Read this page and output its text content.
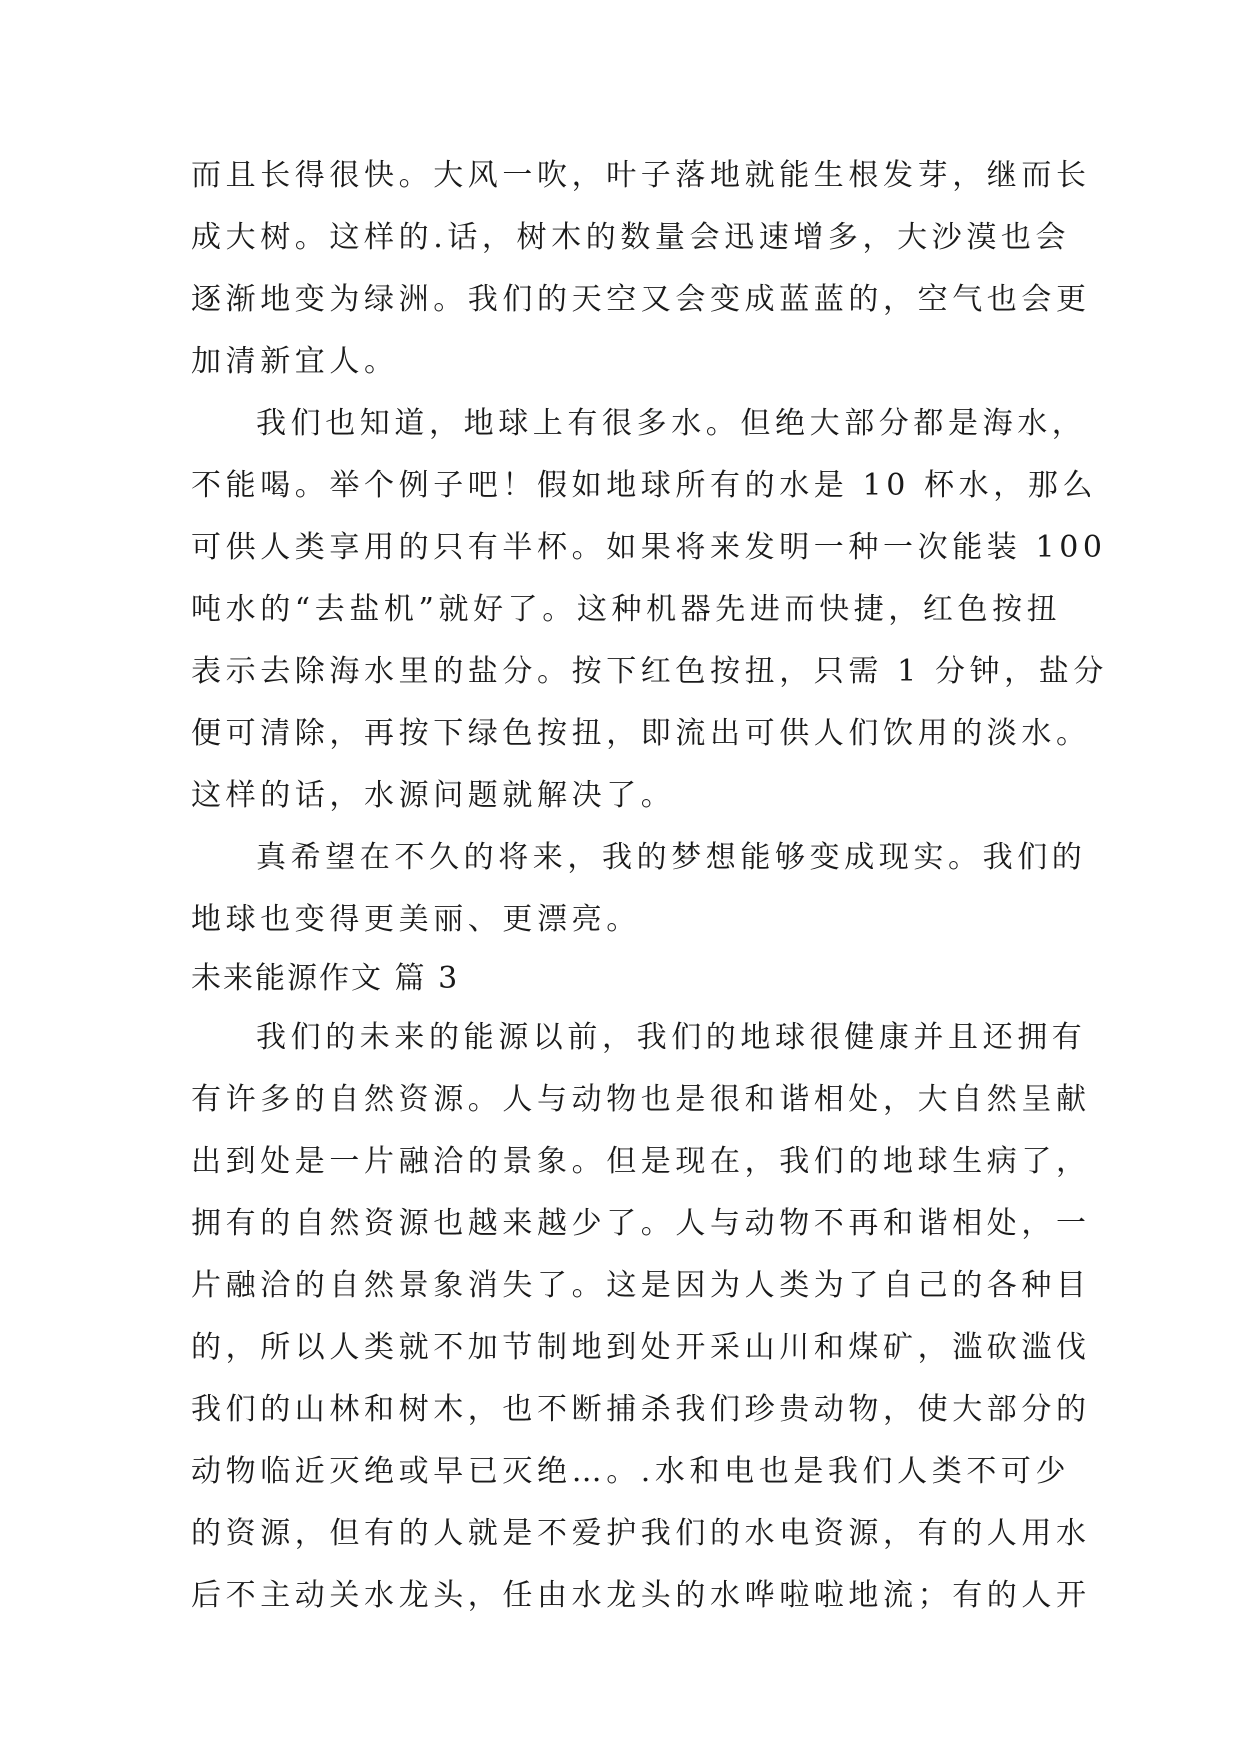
而且长得很快。大风一吹，叶子落地就能生根发芽，继而长

成大树。这样的.话，树木的数量会迅速增多，大沙漠也会

逐渐地变为绿洲。我们的天空又会变成蓝蓝的，空气也会更

加清新宜人。

我们也知道，地球上有很多水。但绝大部分都是海水，

不能喝。举个例子吧！假如地球所有的水是 10 杯水，那么

可供人类享用的只有半杯。如果将来发明一种一次能装 100

吨水的“去盐机”就好了。这种机器先进而快捷，红色按扭

表示去除海水里的盐分。按下红色按扭，只需 1 分钟，盐分

便可清除，再按下绿色按扭，即流出可供人们饮用的淡水。

这样的话，水源问题就解决了。

真希望在不久的将来，我的梦想能够变成现实。我们的

地球也变得更美丽、更漂亮。

未来能源作文 篇 3

我们的未来的能源以前，我们的地球很健康并且还拥有

有许多的自然资源。人与动物也是很和谐相处，大自然呈献

出到处是一片融洽的景象。但是现在，我们的地球生病了，

拥有的自然资源也越来越少了。人与动物不再和谐相处，一

片融洽的自然景象消失了。这是因为人类为了自己的各种目

的，所以人类就不加节制地到处开采山川和煤矿，滥砍滥伐

我们的山林和树木，也不断捕杀我们珍贵动物，使大部分的

动物临近灭绝或早已灭绝…。.水和电也是我们人类不可少

的资源，但有的人就是不爱护我们的水电资源，有的人用水

后不主动关水龙头，任由水龙头的水哗啦啦地流；有的人开
